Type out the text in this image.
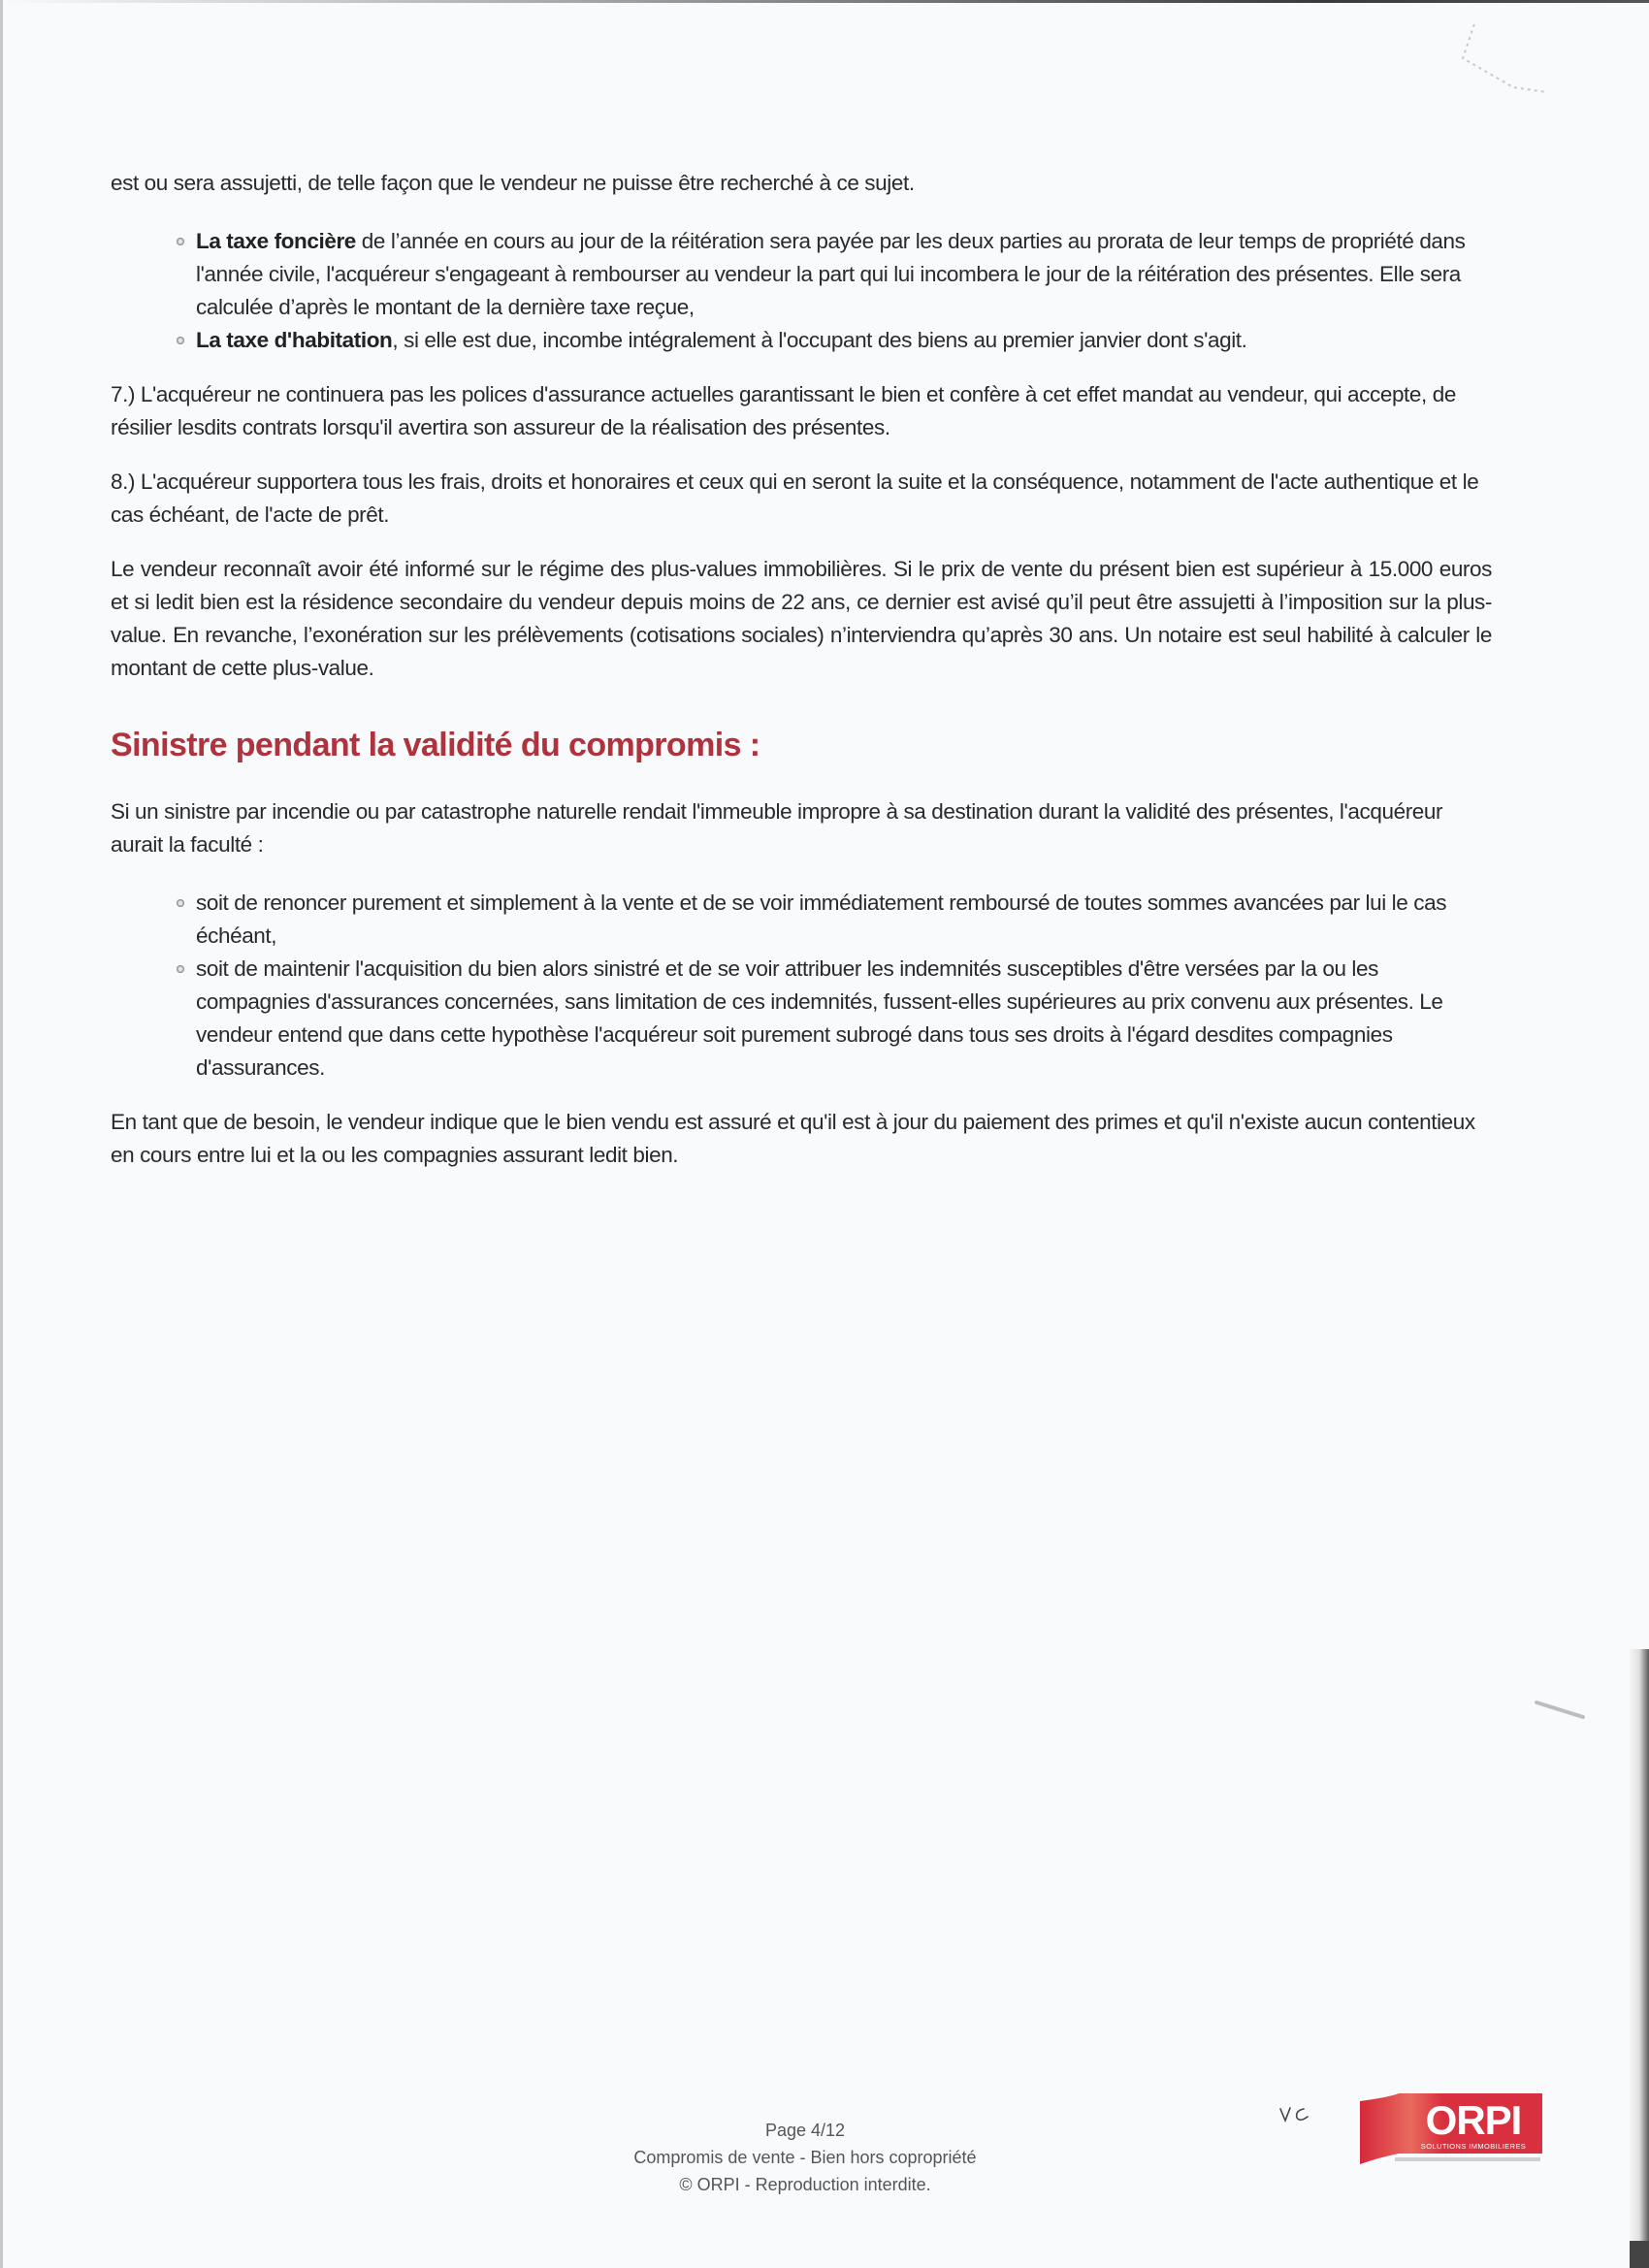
est ou sera assujetti, de telle façon que le vendeur ne puisse être recherché à ce sujet.

La taxe foncière de l’année en cours au jour de la réitération sera payée par les deux parties au prorata de leur temps de propriété dans l'année civile, l'acquéreur s'engageant à rembourser au vendeur la part qui lui incombera le jour de la réitération des présentes. Elle sera calculée d’après le montant de la dernière taxe reçue,
La taxe d'habitation, si elle est due, incombe intégralement à l'occupant des biens au premier janvier dont s'agit.

7.) L'acquéreur ne continuera pas les polices d'assurance actuelles garantissant le bien et confère à cet effet mandat au vendeur, qui accepte, de résilier lesdits contrats lorsqu'il avertira son assureur de la réalisation des présentes.

8.) L'acquéreur supportera tous les frais, droits et honoraires et ceux qui en seront la suite et la conséquence, notamment de l'acte authentique et le cas échéant, de l'acte de prêt.

Le vendeur reconnaît avoir été informé sur le régime des plus-values immobilières. Si le prix de vente du présent bien est supérieur à 15.000 euros et si ledit bien est la résidence secondaire du vendeur depuis moins de 22 ans, ce dernier est avisé qu’il peut être assujetti à l’imposition sur la plus-value. En revanche, l’exonération sur les prélèvements (cotisations sociales) n’interviendra qu’après 30 ans. Un notaire est seul habilité à calculer le montant de cette plus-value.

Sinistre pendant la validité du compromis :

Si un sinistre par incendie ou par catastrophe naturelle rendait l'immeuble impropre à sa destination durant la validité des présentes, l'acquéreur aurait la faculté :

soit de renoncer purement et simplement à la vente et de se voir immédiatement remboursé de toutes sommes avancées par lui le cas échéant,
soit de maintenir l'acquisition du bien alors sinistré et de se voir attribuer les indemnités susceptibles d'être versées par la ou les compagnies d'assurances concernées, sans limitation de ces indemnités, fussent-elles supérieures au prix convenu aux présentes. Le vendeur entend que dans cette hypothèse l'acquéreur soit purement subrogé dans tous ses droits à l'égard desdites compagnies d'assurances.

En tant que de besoin, le vendeur indique que le bien vendu est assuré et qu'il est à jour du paiement des primes et qu'il n'existe aucun contentieux en cours entre lui et la ou les compagnies assurant ledit bien.

Page 4/12
Compromis de vente - Bien hors copropriété
© ORPI - Reproduction interdite.
ORPI
SOLUTIONS IMMOBILIERES
